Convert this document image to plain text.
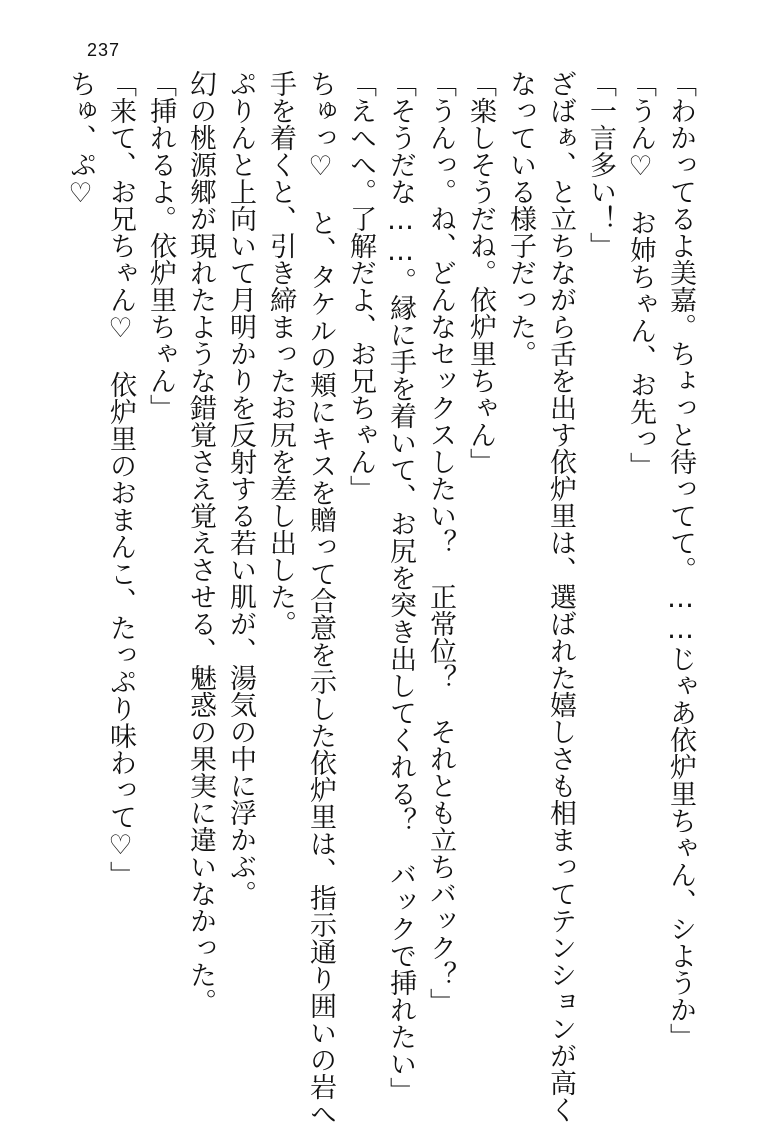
237
「わかってるよ美嘉。ちょっと待ってて。……じゃあ依炉里ちゃん、シようか」
「うん♡　お姉ちゃん、お先っ」
「一言多い！」
ざばぁ、と立ちながら舌を出す依炉里は、選ばれた嬉しさも相まってテンションが高く
なっている様子だった。
「楽しそうだね。依炉里ちゃん」
「うんっ。ね、どんなセックスしたい？　正常位？　それとも立ちバック？」
「そうだな……。縁に手を着いて、お尻を突き出してくれる？　バックで挿れたい」
「えへへ。了解だよ、お兄ちゃん」
ちゅっ♡　と、タケルの頬にキスを贈って合意を示した依炉里は、指示通り囲いの岩へ
手を着くと、引き締まったお尻を差し出した。
ぷりんと上向いて月明かりを反射する若い肌が、湯気の中に浮かぶ。
幻の桃源郷が現れたような錯覚さえ覚えさせる、魅惑の果実に違いなかった。
「挿れるよ。依炉里ちゃん」
「来て、お兄ちゃん♡　依炉里のおまんこ、たっぷり味わって♡」
ちゅ、ぷ♡
